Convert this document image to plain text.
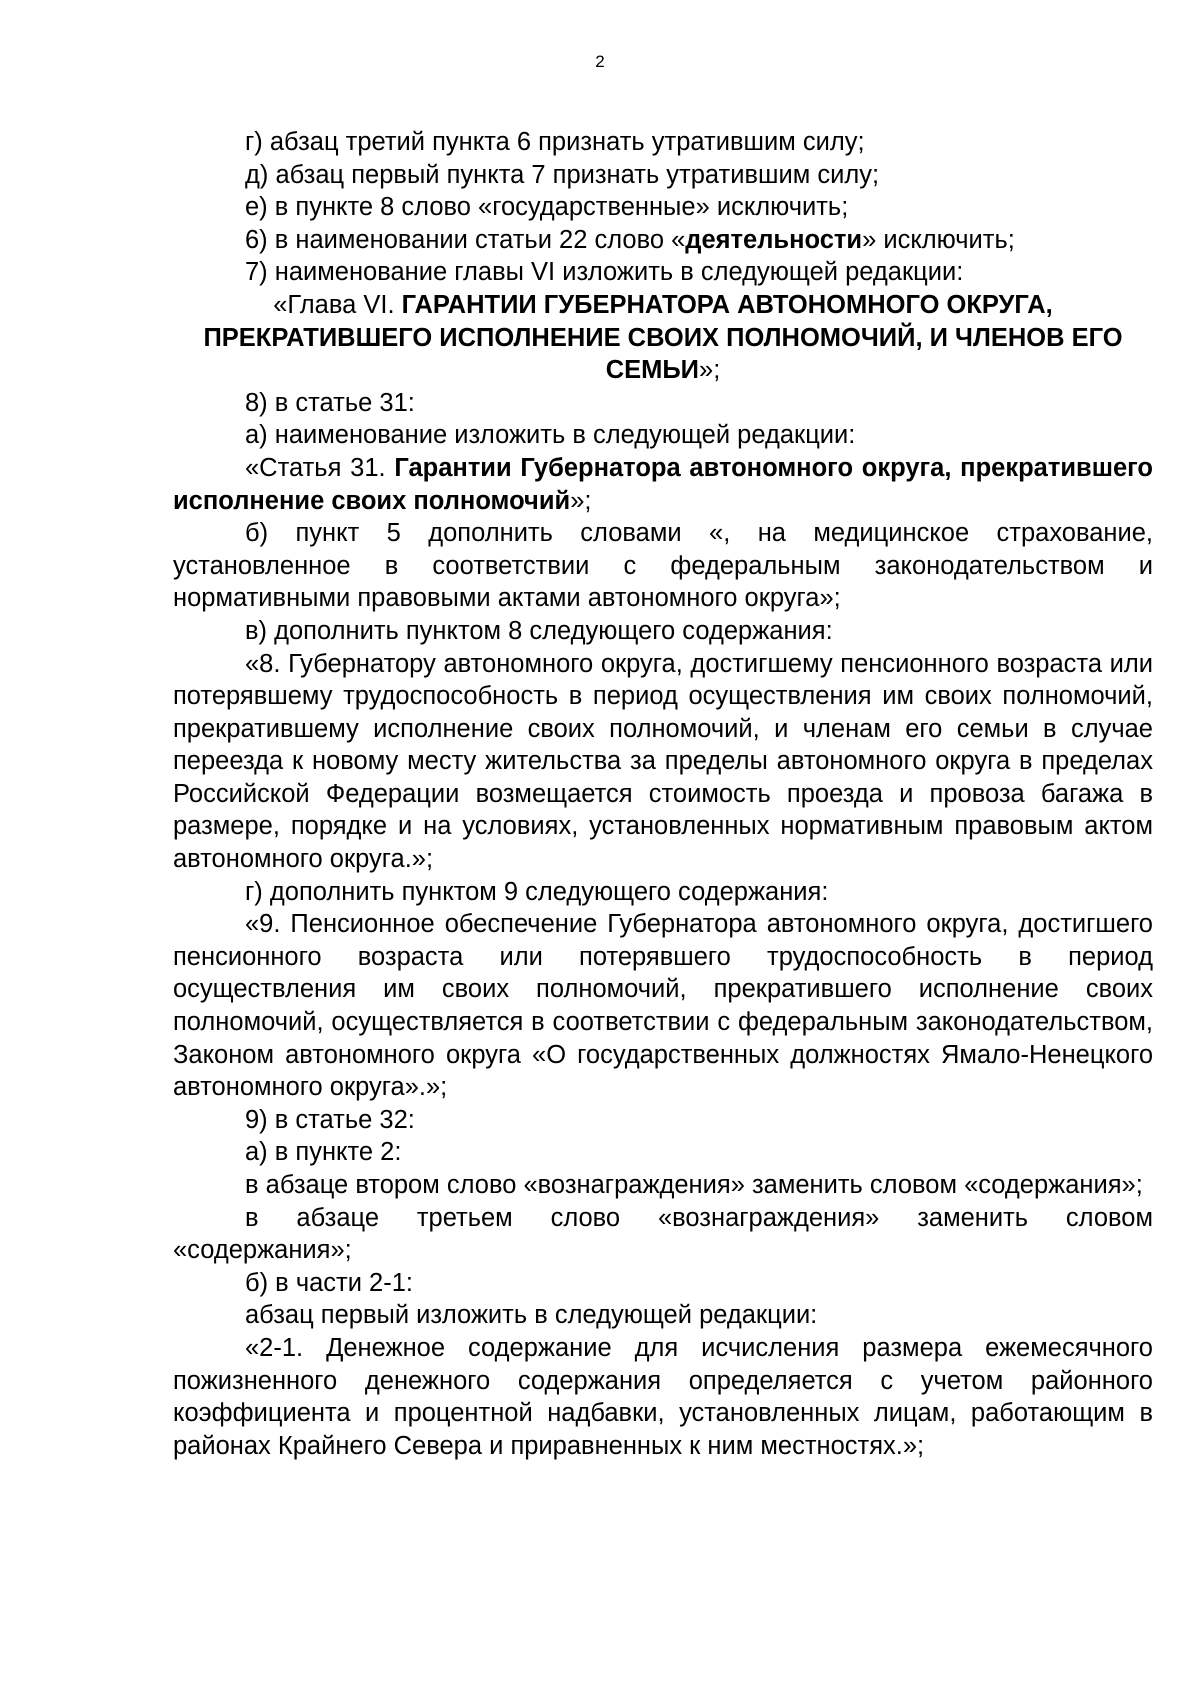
2

г) абзац третий пункта 6 признать утратившим силу;

д) абзац первый пункта 7 признать утратившим силу;

е) в пункте 8 слово «государственные» исключить;

6) в наименовании статьи 22 слово «деятельности» исключить;

7) наименование главы VI изложить в следующей редакции:

«Глава VI. ГАРАНТИИ ГУБЕРНАТОРА АВТОНОМНОГО ОКРУГА, ПРЕКРАТИВШЕГО ИСПОЛНЕНИЕ СВОИХ ПОЛНОМОЧИЙ, И ЧЛЕНОВ ЕГО СЕМЬИ»;

8) в статье 31:

а) наименование изложить в следующей редакции:

«Статья 31. Гарантии Губернатора автономного округа, прекратившего исполнение своих полномочий»;

б) пункт 5 дополнить словами «, на медицинское страхование, установленное в соответствии с федеральным законодательством и нормативными правовыми актами автономного округа»;

в) дополнить пунктом 8 следующего содержания:

«8. Губернатору автономного округа, достигшему пенсионного возраста или потерявшему трудоспособность в период осуществления им своих полномочий, прекратившему исполнение своих полномочий, и членам его семьи в случае переезда к новому месту жительства за пределы автономного округа в пределах Российской Федерации возмещается стоимость проезда и провоза багажа в размере, порядке и на условиях, установленных нормативным правовым актом автономного округа.»;

г) дополнить пунктом 9 следующего содержания:

«9. Пенсионное обеспечение Губернатора автономного округа, достигшего пенсионного возраста или потерявшего трудоспособность в период осуществления им своих полномочий, прекратившего исполнение своих полномочий, осуществляется в соответствии с федеральным законодательством, Законом автономного округа «О государственных должностях Ямало-Ненецкого автономного округа».»;

9) в статье 32:

а) в пункте 2:

в абзаце втором слово «вознаграждения» заменить словом «содержания»;

в абзаце третьем слово «вознаграждения» заменить словом «содержания»;

б) в части 2-1:

абзац первый изложить в следующей редакции:

«2-1. Денежное содержание для исчисления размера ежемесячного пожизненного денежного содержания определяется с учетом районного коэффициента и процентной надбавки, установленных лицам, работающим в районах Крайнего Севера и приравненных к ним местностях.»;
